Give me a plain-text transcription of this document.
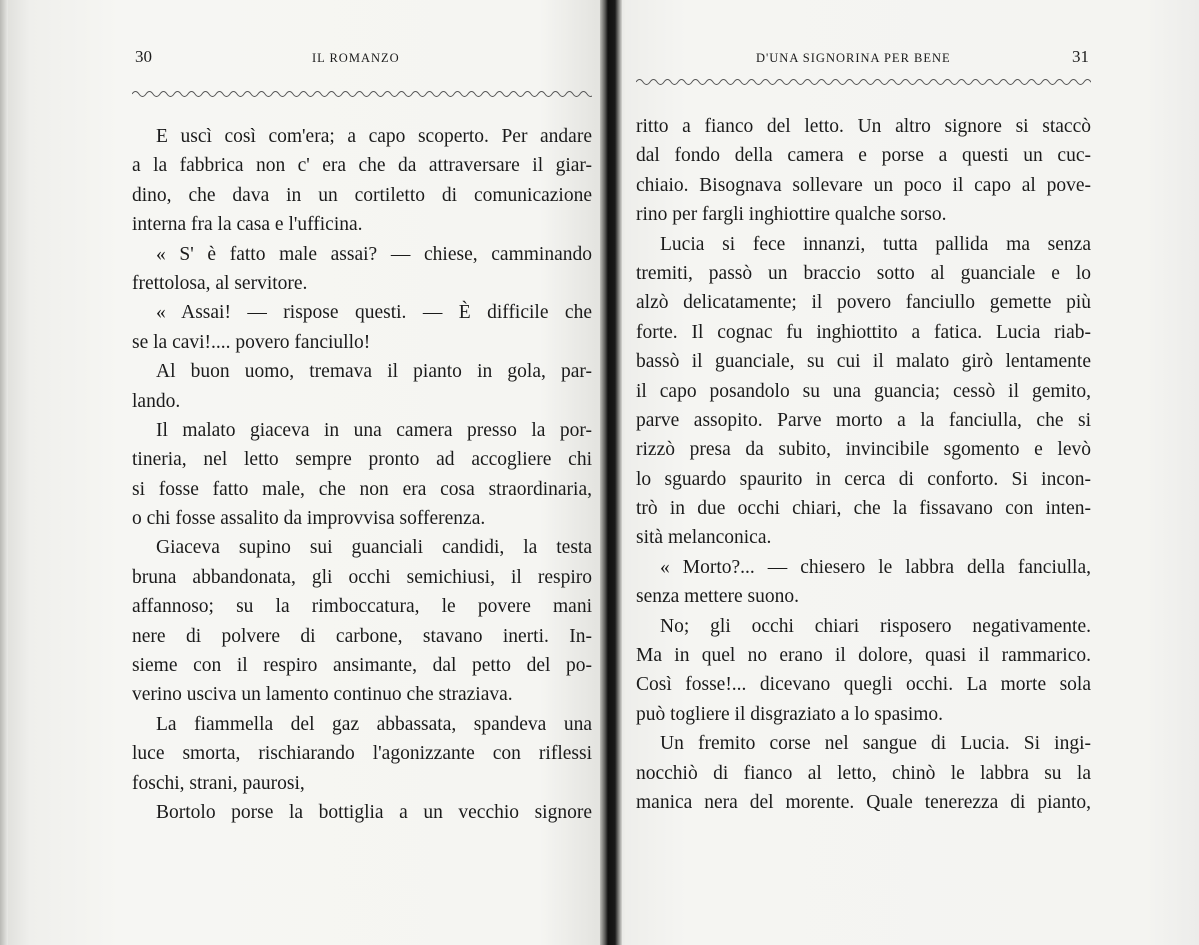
30	IL ROMANZO
E uscì così com'era; a capo scoperto. Per andare
a la fabbrica non c' era che da attraversare il giar-
dino, che dava in un cortiletto di comunicazione
interna fra la casa e l'ufficina.
« S' è fatto male assai? — chiese, camminando
frettolosa, al servitore.
« Assai! — rispose questi. — È difficile che
se la cavi!.... povero fanciullo!
Al buon uomo, tremava il pianto in gola, par-
lando.
Il malato giaceva in una camera presso la por-
tineria, nel letto sempre pronto ad accogliere chi
si fosse fatto male, che non era cosa straordinaria,
o chi fosse assalito da improvvisa sofferenza.
Giaceva supino sui guanciali candidi, la testa
bruna abbandonata, gli occhi semichiusi, il respiro
affannoso; su la rimboccatura, le povere mani
nere di polvere di carbone, stavano inerti. In-
sieme con il respiro ansimante, dal petto del po-
verino usciva un lamento continuo che straziava.
La fiammella del gaz abbassata, spandeva una
luce smorta, rischiarando l'agonizzante con riflessi
foschi, strani, paurosi,
Bortolo porse la bottiglia a un vecchio signore
D'UNA SIGNORINA PER BENE	31
ritto a fianco del letto. Un altro signore si staccò
dal fondo della camera e porse a questi un cuc-
chiaio. Bisognava sollevare un poco il capo al pove-
rino per fargli inghiottire qualche sorso.
Lucia si fece innanzi, tutta pallida ma senza
tremiti, passò un braccio sotto al guanciale e lo
alzò delicatamente; il povero fanciullo gemette più
forte. Il cognac fu inghiottito a fatica. Lucia riab-
bassò il guanciale, su cui il malato girò lentamente
il capo posandolo su una guancia; cessò il gemito,
parve assopito. Parve morto a la fanciulla, che si
rizzò presa da subito, invincibile sgomento e levò
lo sguardo spaurito in cerca di conforto. Si incon-
trò in due occhi chiari, che la fissavano con inten-
sità melanconica.
« Morto?... — chiesero le labbra della fanciulla,
senza mettere suono.
No; gli occhi chiari risposero negativamente.
Ma in quel no erano il dolore, quasi il rammarico.
Così fosse!... dicevano quegli occhi. La morte sola
può togliere il disgraziato a lo spasimo.
Un fremito corse nel sangue di Lucia. Si ingi-
nocchiò di fianco al letto, chinò le labbra su la
manica nera del morente. Quale tenerezza di pianto,
